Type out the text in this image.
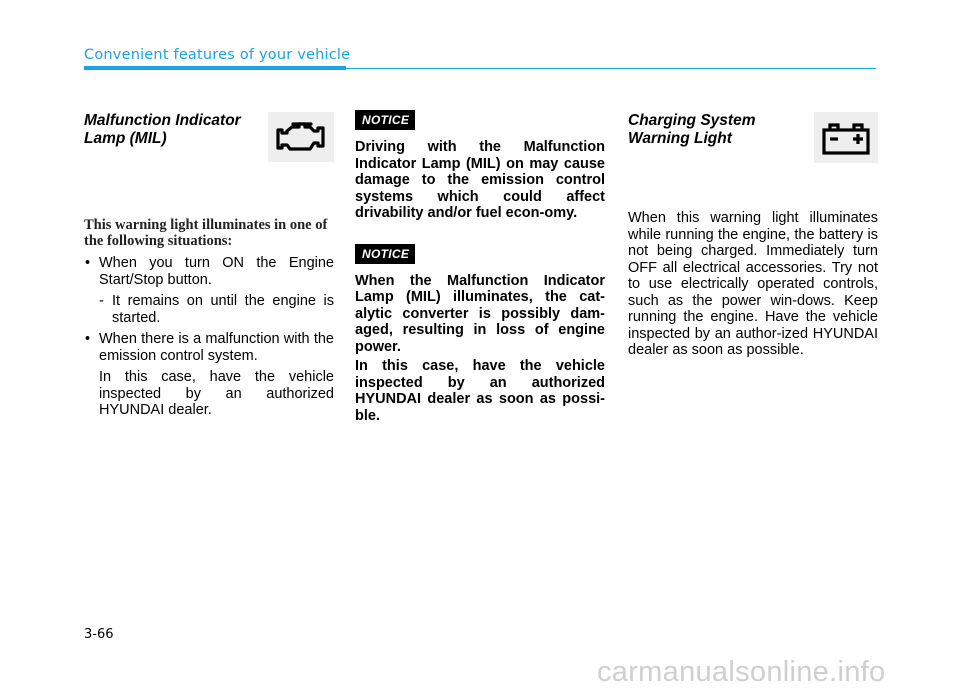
Convenient features of your vehicle
Malfunction Indicator
Lamp (MIL)

This warning light illuminates in one of the following situations:

• When you turn ON the Engine Start/Stop button.
- It remains on until the engine is started.
• When there is a malfunction with the emission control system.

In this case, have the vehicle inspected by an authorized HYUNDAI dealer.

NOTICE

Driving with the Malfunction Indicator Lamp (MIL) on may cause damage to the emission control systems which could affect drivability and/or fuel econ-omy.

NOTICE

When the Malfunction Indicator Lamp (MIL) illuminates, the cat-alytic converter is possibly dam-aged, resulting in loss of engine power.

In this case, have the vehicle inspected by an authorized HYUNDAI dealer as soon as possi-ble.

Charging System
Warning Light

When this warning light illuminates while running the engine, the battery is not being charged. Immediately turn OFF all electrical accessories. Try not to use electrically operated controls, such as the power win-dows. Keep running the engine. Have the vehicle inspected by an author-ized HYUNDAI dealer as soon as possible.

3-66
carmanualsonline.info
